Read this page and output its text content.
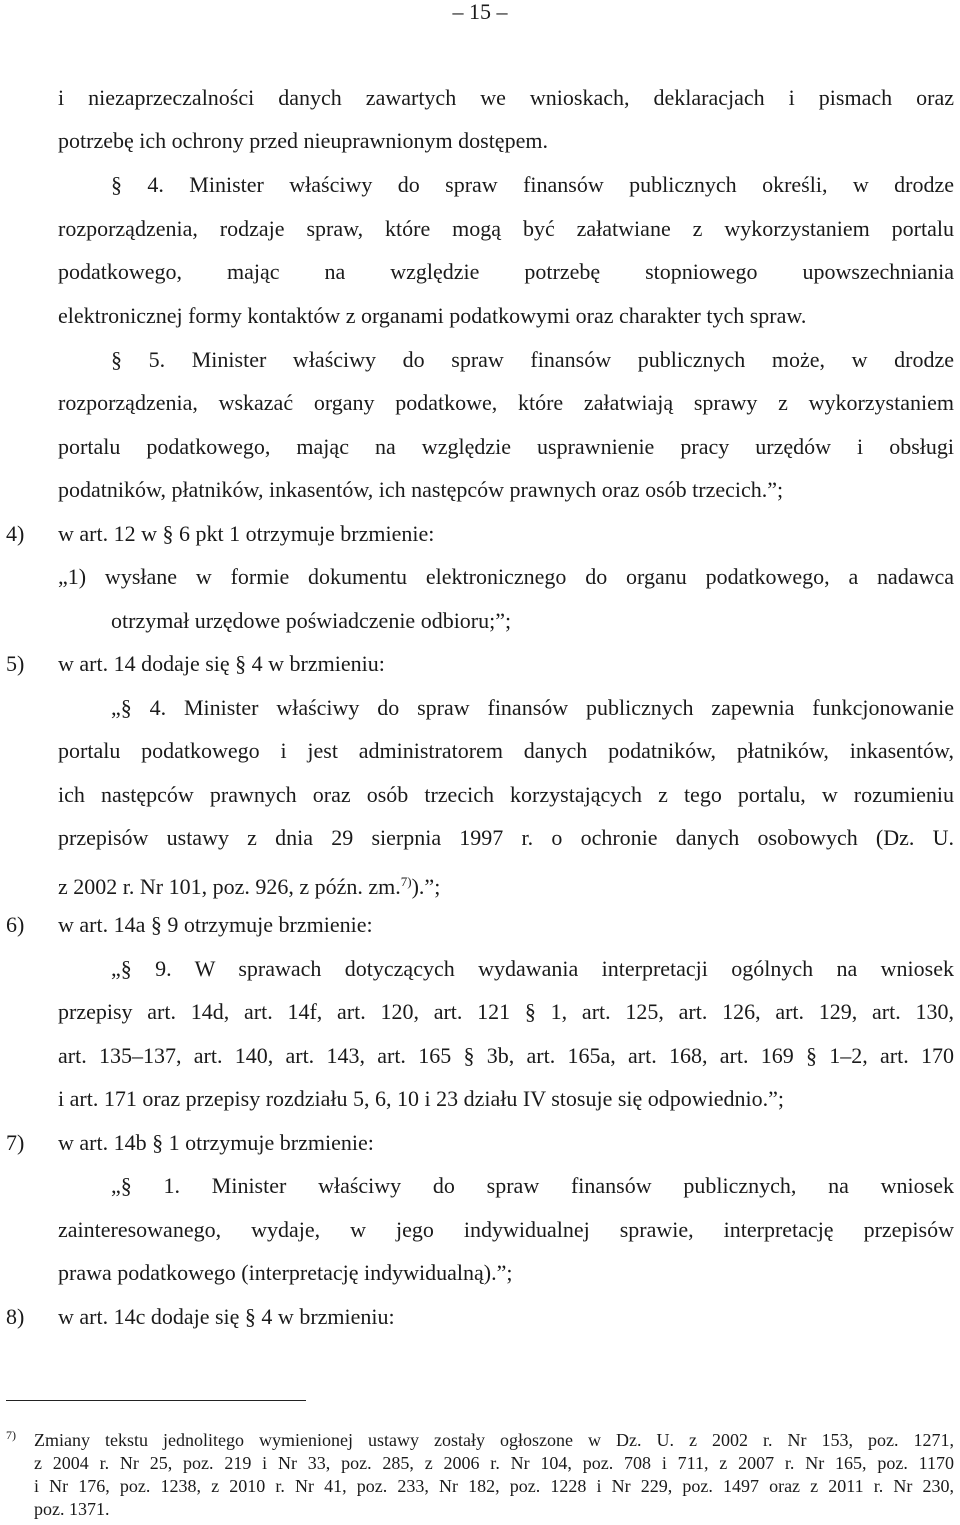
– 15 –
i niezaprzeczalności danych zawartych we wnioskach, deklaracjach i pismach oraz
potrzebę ich ochrony przed nieuprawnionym dostępem.
§ 4. Minister właściwy do spraw finansów publicznych określi, w drodze
rozporządzenia, rodzaje spraw, które mogą być załatwiane z wykorzystaniem portalu
podatkowego, mając na względzie potrzebę stopniowego upowszechniania
elektronicznej formy kontaktów z organami podatkowymi oraz charakter tych spraw.
§ 5. Minister właściwy do spraw finansów publicznych może, w drodze
rozporządzenia, wskazać organy podatkowe, które załatwiają sprawy z wykorzystaniem
portalu podatkowego, mając na względzie usprawnienie pracy urzędów i obsługi
podatników, płatników, inkasentów, ich następców prawnych oraz osób trzecich.”;
4) w art. 12 w § 6 pkt 1 otrzymuje brzmienie:
„1) wysłane w formie dokumentu elektronicznego do organu podatkowego, a nadawca
otrzymał urzędowe poświadczenie odbioru;”;
5) w art. 14 dodaje się § 4 w brzmieniu:
„§ 4. Minister właściwy do spraw finansów publicznych zapewnia funkcjonowanie
portalu podatkowego i jest administratorem danych podatników, płatników, inkasentów,
ich następców prawnych oraz osób trzecich korzystających z tego portalu, w rozumieniu
przepisów ustawy z dnia 29 sierpnia 1997 r. o ochronie danych osobowych (Dz. U.
z 2002 r. Nr 101, poz. 926, z późn. zm.$^{7)}$).”;
6) w art. 14a § 9 otrzymuje brzmienie:
„§ 9. W sprawach dotyczących wydawania interpretacji ogólnych na wniosek
przepisy art. 14d, art. 14f, art. 120, art. 121 § 1, art. 125, art. 126, art. 129, art. 130,
art. 135–137, art. 140, art. 143, art. 165 § 3b, art. 165a, art. 168, art. 169 § 1–2, art. 170
i art. 171 oraz przepisy rozdziału 5, 6, 10 i 23 działu IV stosuje się odpowiednio.”;
7) w art. 14b § 1 otrzymuje brzmienie:
„§ 1. Minister właściwy do spraw finansów publicznych, na wniosek
zainteresowanego, wydaje, w jego indywidualnej sprawie, interpretację przepisów
prawa podatkowego (interpretację indywidualną).”;
8) w art. 14c dodaje się § 4 w brzmieniu:
7) Zmiany tekstu jednolitego wymienionej ustawy zostały ogłoszone w Dz. U. z 2002 r. Nr 153, poz. 1271,
z 2004 r. Nr 25, poz. 219 i Nr 33, poz. 285, z 2006 r. Nr 104, poz. 708 i 711, z 2007 r. Nr 165, poz. 1170
i Nr 176, poz. 1238, z 2010 r. Nr 41, poz. 233, Nr 182, poz. 1228 i Nr 229, poz. 1497 oraz z 2011 r. Nr 230,
poz. 1371.
